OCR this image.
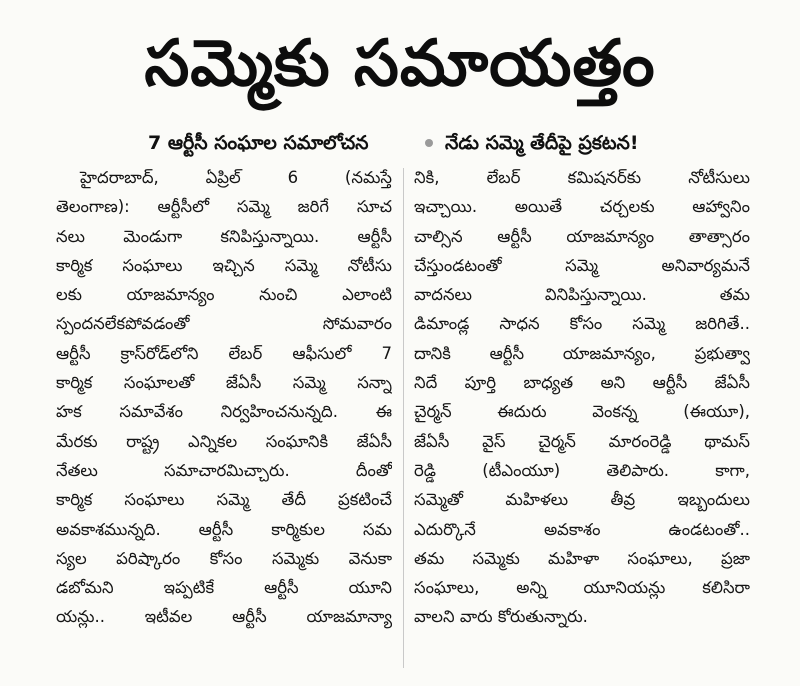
సమ్మెకు సమాయత్తం
7 ఆర్టీసీ సంఘాల సమాలోచన	నేడు సమ్మె తేదీపై ప్రకటన!
హైదరాబాద్, ఏప్రిల్ 6 (నమస్తే
తెలంగాణ): ఆర్టీసీలో సమ్మె జరిగే సూచ
నలు మెండుగా కనిపిస్తున్నాయి. ఆర్టీసీ
కార్మిక సంఘాలు ఇచ్చిన సమ్మె నోటీసు
లకు యాజమాన్యం నుంచి ఎలాంటి
స్పందనలేకపోవడంతో సోమవారం
ఆర్టీసీ క్రాస్‌రోడ్‌లోని లేబర్ ఆఫీసులో 7
కార్మిక సంఘాలతో జేఏసీ సమ్మె సన్నా
హక సమావేశం నిర్వహించనున్నది. ఈ
మేరకు రాష్ట్ర ఎన్నికల సంఘానికి జేఏసీ
నేతలు సమాచారమిచ్చారు. దీంతో
కార్మిక సంఘాలు సమ్మె తేదీ ప్రకటించే
అవకాశమున్నది. ఆర్టీసీ కార్మికుల సమ
స్యల పరిష్కారం కోసం సమ్మెకు వెనుకా
డబోమని ఇప్పటికే ఆర్టీసీ యూని
యన్లు.. ఇటీవల ఆర్టీసీ యాజమాన్యా
నికి, లేబర్ కమిషనర్‌కు నోటీసులు
ఇచ్చాయి. అయితే చర్చలకు ఆహ్వానిం
చాల్సిన ఆర్టీసీ యాజమాన్యం తాత్సారం
చేస్తుండటంతో సమ్మె అనివార్యమనే
వాదనలు వినిపిస్తున్నాయి. తమ
డిమాండ్ల సాధన కోసం సమ్మె జరిగితే..
దానికి ఆర్టీసీ యాజమాన్యం, ప్రభుత్వా
నిదే పూర్తి బాధ్యత అని ఆర్టీసీ జేఏసీ
చైర్మన్ ఈదురు వెంకన్న (ఈయూ),
జేఏసీ వైస్ చైర్మన్ మారంరెడ్డి థామస్
రెడ్డి (టీఎంయూ) తెలిపారు. కాగా,
సమ్మెతో మహిళలు తీవ్ర ఇబ్బందులు
ఎదుర్కొనే అవకాశం ఉండటంతో..
తమ సమ్మెకు మహిళా సంఘాలు, ప్రజా
సంఘాలు, అన్ని యూనియన్లు కలిసిరా
వాలని వారు కోరుతున్నారు.
